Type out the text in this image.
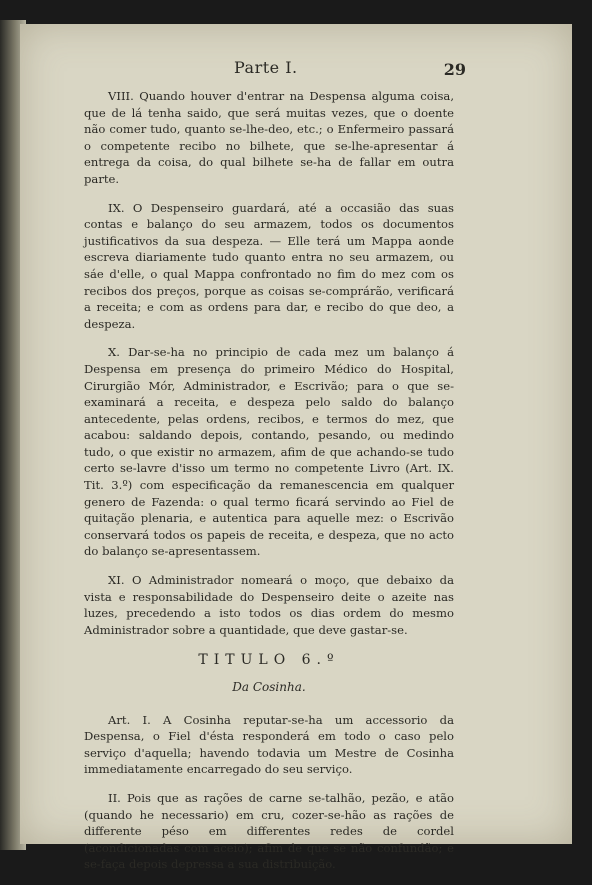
Parte I.	29

VIII. Quando houver d'entrar na Despensa alguma coisa, que de lá tenha saido, que será muitas vezes, que o doente não comer tudo, quanto se-lhe-deo, etc.; o Enfermeiro passará o competente recibo no bilhete, que se-lhe-apresentar á entrega da coisa, do qual bilhete se-ha de fallar em outra parte.

IX. O Despenseiro guardará, até a occasião das suas contas e balanço do seu armazem, todos os documentos justificativos da sua despeza. — Elle terá um Mappa aonde escreva diariamente tudo quanto entra no seu armazem, ou sáe d'elle, o qual Mappa confrontado no fim do mez com os recibos dos preços, porque as coisas se-comprárão, verificará a receita; e com as ordens para dar, e recibo do que deo, a despeza.

X. Dar-se-ha no principio de cada mez um balanço á Despensa em presença do primeiro Médico do Hospital, Cirurgião Mór, Administrador, e Escrivão; para o que se-examinará a receita, e despeza pelo saldo do balanço antecedente, pelas ordens, recibos, e termos do mez, que acabou: saldando depois, contando, pesando, ou medindo tudo, o que existir no armazem, afim de que achando-se tudo certo se-lavre d'isso um termo no competente Livro (Art. IX. Tit. 3.º) com especificação da remanescencia em qualquer genero de Fazenda: o qual termo ficará servindo ao Fiel de quitação plenaria, e autentica para aquelle mez: o Escrivão conservará todos os papeis de receita, e despeza, que no acto do balanço se-apresentassem.

XI. O Administrador nomeará o moço, que debaixo da vista e responsabilidade do Despenseiro deite o azeite nas luzes, precedendo a isto todos os dias ordem do mesmo Administrador sobre a quantidade, que deve gastar-se.

TITULO 6.º
Da Cosinha.

Art. I. A Cosinha reputar-se-ha um accessorio da Despensa, o Fiel d'ésta responderá em todo o caso pelo serviço d'aquella; havendo todavia um Mestre de Cosinha immediatamente encarregado do seu serviço.

II. Pois que as rações de carne se-talhão, pezão, e atão (quando he necessario) em cru, cozer-se-hão as rações de differente péso em differentes redes de cordel (acondicionadas com aceio); afim de que se não confundão; e se-faça depois depressa a sua distribuição.
